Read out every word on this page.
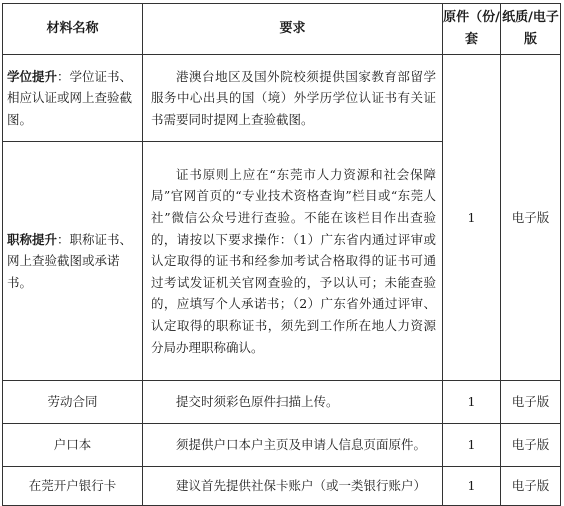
材料名称	要求	原件（份/套	纸质/电子版
学位提升：学位证书、相应认证或网上查验截图。	港澳台地区及国外院校须提供国家教育部留学服务中心出具的国（境）外学历学位认证书有关证书需要同时提网上查验截图。	1	电子版
职称提升：职称证书、网上查验截图或承诺书。	证书原则上应在“东莞市人力资源和社会保障局”官网首页的“专业技术资格查询”栏目或“东莞人社”微信公众号进行查验。不能在该栏目作出查验的，请按以下要求操作：（1）广东省内通过评审或认定取得的证书和经参加考试合格取得的证书可通过考试发证机关官网查验的，予以认可；未能查验的，应填写个人承诺书；（2）广东省外通过评审、认定取得的职称证书，须先到工作所在地人力资源分局办理职称确认。		

劳动合同	提交时须彩色原件扫描上传。	1	电子版
户口本	须提供户口本户主页及申请人信息页面原件。	1	电子版
在莞开户银行卡	建议首先提供社保卡账户（或一类银行账户）	1	电子版
